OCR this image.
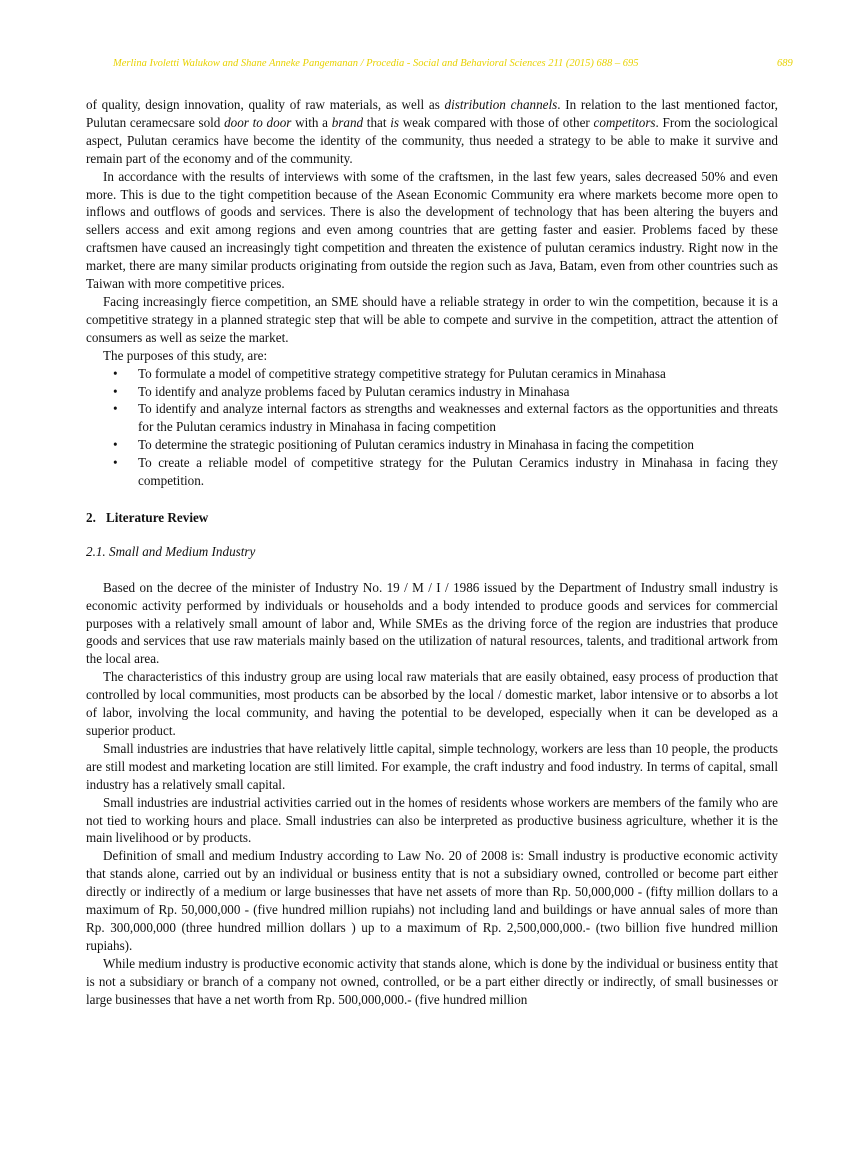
Merlina Ivoletti Walukow and Shane Anneke Pangemanan / Procedia - Social and Behavioral Sciences 211 (2015) 688 – 695	689

of quality, design innovation, quality of raw materials, as well as distribution channels. In relation to the last mentioned factor, Pulutan ceramecsare sold door to door with a brand that is weak compared with those of other competitors. From the sociological aspect, Pulutan ceramics have become the identity of the community, thus needed a strategy to be able to make it survive and remain part of the economy and of the community.

In accordance with the results of interviews with some of the craftsmen, in the last few years, sales decreased 50% and even more. This is due to the tight competition because of the Asean Economic Community era where markets become more open to inflows and outflows of goods and services. There is also the development of technology that has been altering the buyers and sellers access and exit among regions and even among countries that are getting faster and easier. Problems faced by these craftsmen have caused an increasingly tight competition and threaten the existence of pulutan ceramics industry. Right now in the market, there are many similar products originating from outside the region such as Java, Batam, even from other countries such as Taiwan with more competitive prices.

Facing increasingly fierce competition, an SME should have a reliable strategy in order to win the competition, because it is a competitive strategy in a planned strategic step that will be able to compete and survive in the competition, attract the attention of consumers as well as seize the market.

The purposes of this study, are:

• To formulate a model of competitive strategy competitive strategy for Pulutan ceramics in Minahasa
• To identify and analyze problems faced by Pulutan ceramics industry in Minahasa
• To identify and analyze internal factors as strengths and weaknesses and external factors as the opportunities and threats for the Pulutan ceramics industry in Minahasa in facing competition
• To determine the strategic positioning of Pulutan ceramics industry in Minahasa in facing the competition
• To create a reliable model of competitive strategy for the Pulutan Ceramics industry in Minahasa in facing they competition.
2. Literature Review
2.1. Small and Medium Industry

Based on the decree of the minister of Industry No. 19 / M / I / 1986 issued by the Department of Industry small industry is economic activity performed by individuals or households and a body intended to produce goods and services for commercial purposes with a relatively small amount of labor and, While SMEs as the driving force of the region are industries that produce goods and services that use raw materials mainly based on the utilization of natural resources, talents, and traditional artwork from the local area.

The characteristics of this industry group are using local raw materials that are easily obtained, easy process of production that controlled by local communities, most products can be absorbed by the local / domestic market, labor intensive or to absorbs a lot of labor, involving the local community, and having the potential to be developed, especially when it can be developed as a superior product.

Small industries are industries that have relatively little capital, simple technology, workers are less than 10 people, the products are still modest and marketing location are still limited. For example, the craft industry and food industry. In terms of capital, small industry has a relatively small capital.

Small industries are industrial activities carried out in the homes of residents whose workers are members of the family who are not tied to working hours and place. Small industries can also be interpreted as productive business agriculture, whether it is the main livelihood or by products.

Definition of small and medium Industry according to Law No. 20 of 2008 is: Small industry is productive economic activity that stands alone, carried out by an individual or business entity that is not a subsidiary owned, controlled or become part either directly or indirectly of a medium or large businesses that have net assets of more than Rp. 50,000,000 - (fifty million dollars to a maximum of Rp. 50,000,000 - (five hundred million rupiahs) not including land and buildings or have annual sales of more than Rp. 300,000,000 (three hundred million dollars ) up to a maximum of Rp. 2,500,000,000.- (two billion five hundred million rupiahs).

While medium industry is productive economic activity that stands alone, which is done by the individual or business entity that is not a subsidiary or branch of a company not owned, controlled, or be a part either directly or indirectly, of small businesses or large businesses that have a net worth from Rp. 500,000,000.- (five hundred million
